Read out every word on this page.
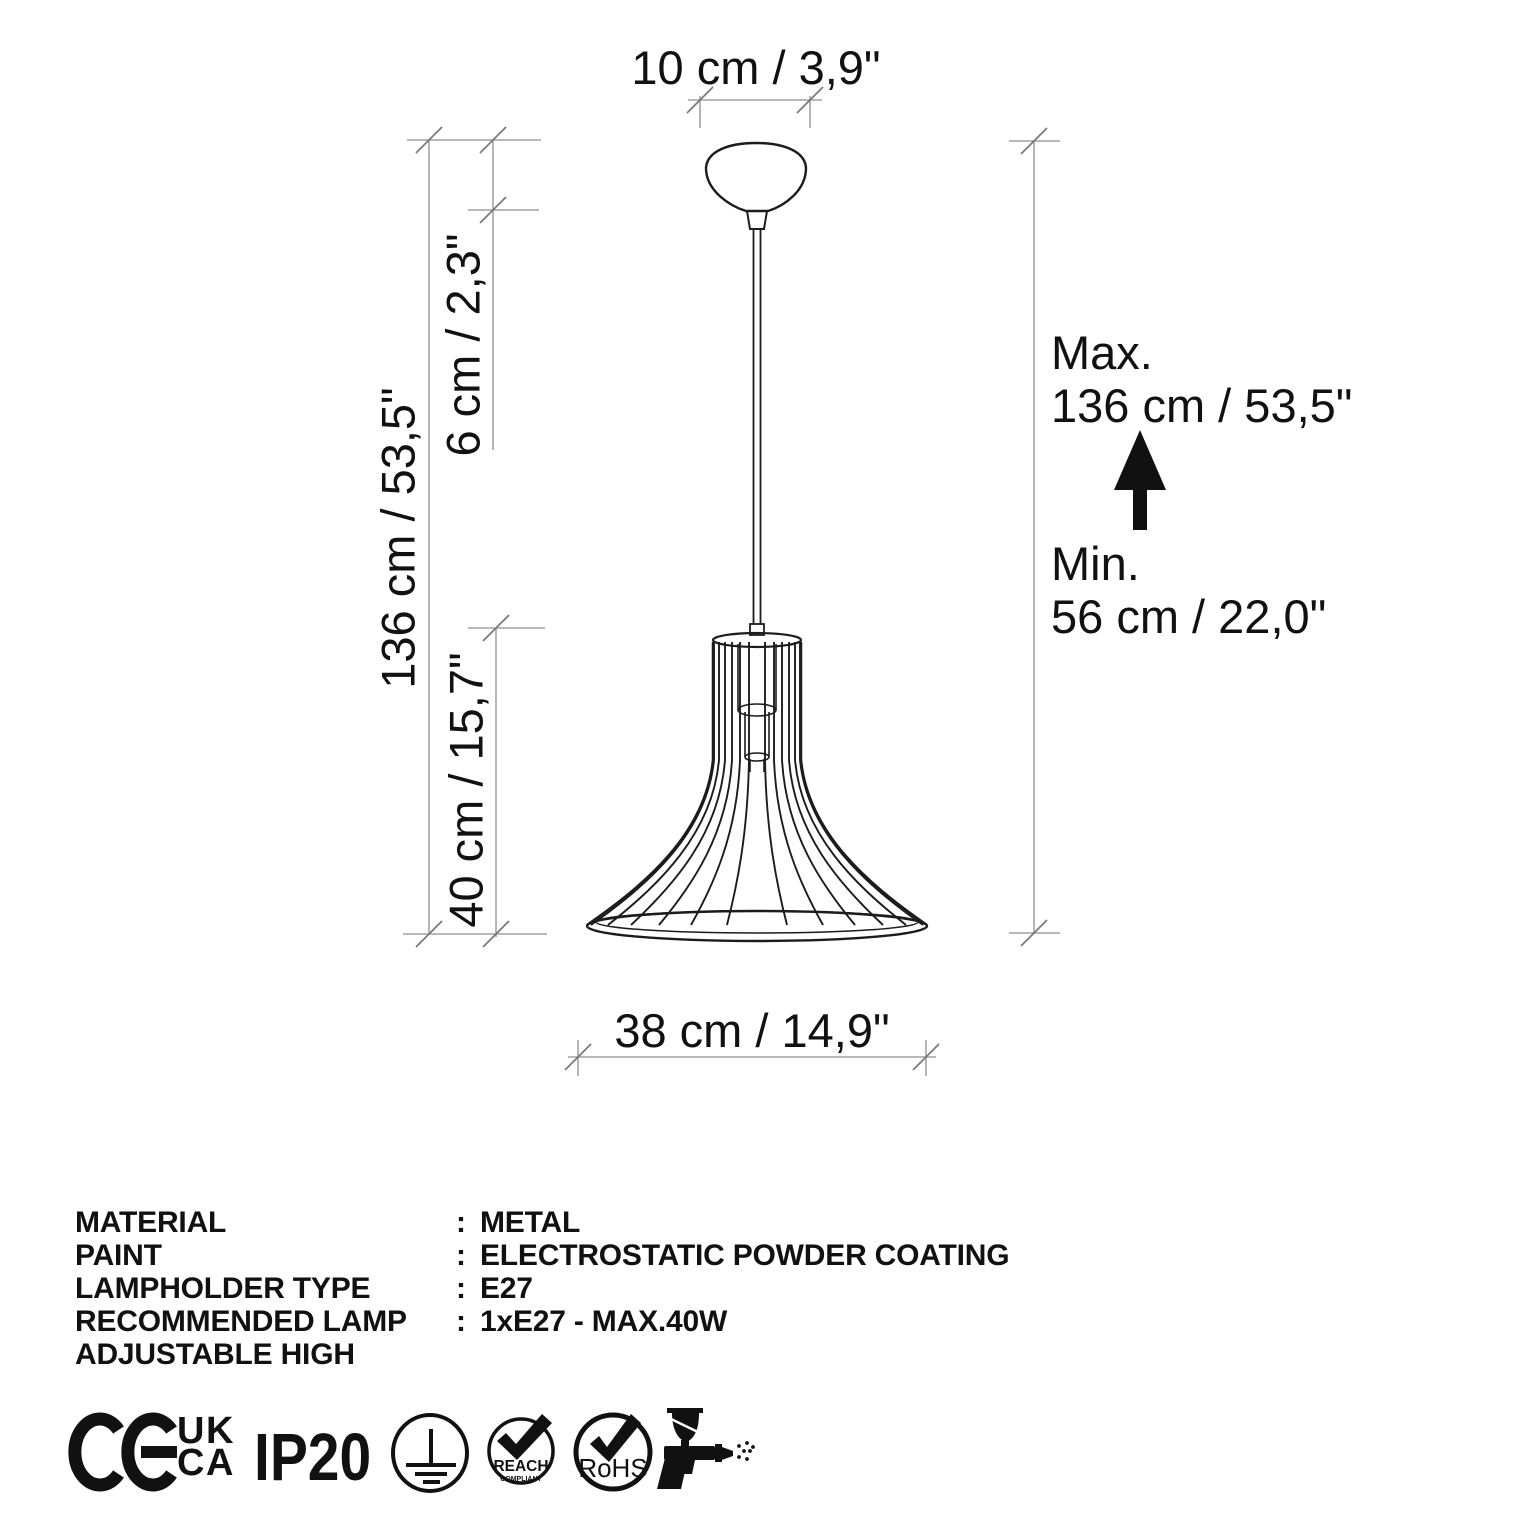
REACH
COMPLIANT RoHS
10 cm / 3,9"
136 cm / 53,5"
6 cm / 2,3"
40 cm / 15,7"
Max.
136 cm / 53,5"
Min.
56 cm / 22,0"
38 cm / 14,9"
MATERIAL	: METAL
PAINT	: ELECTROSTATIC POWDER COATING
LAMPHOLDER TYPE	: E27
RECOMMENDED LAMP	: 1xE27 - MAX.40W
ADJUSTABLE HIGH
UK
CA IP20
